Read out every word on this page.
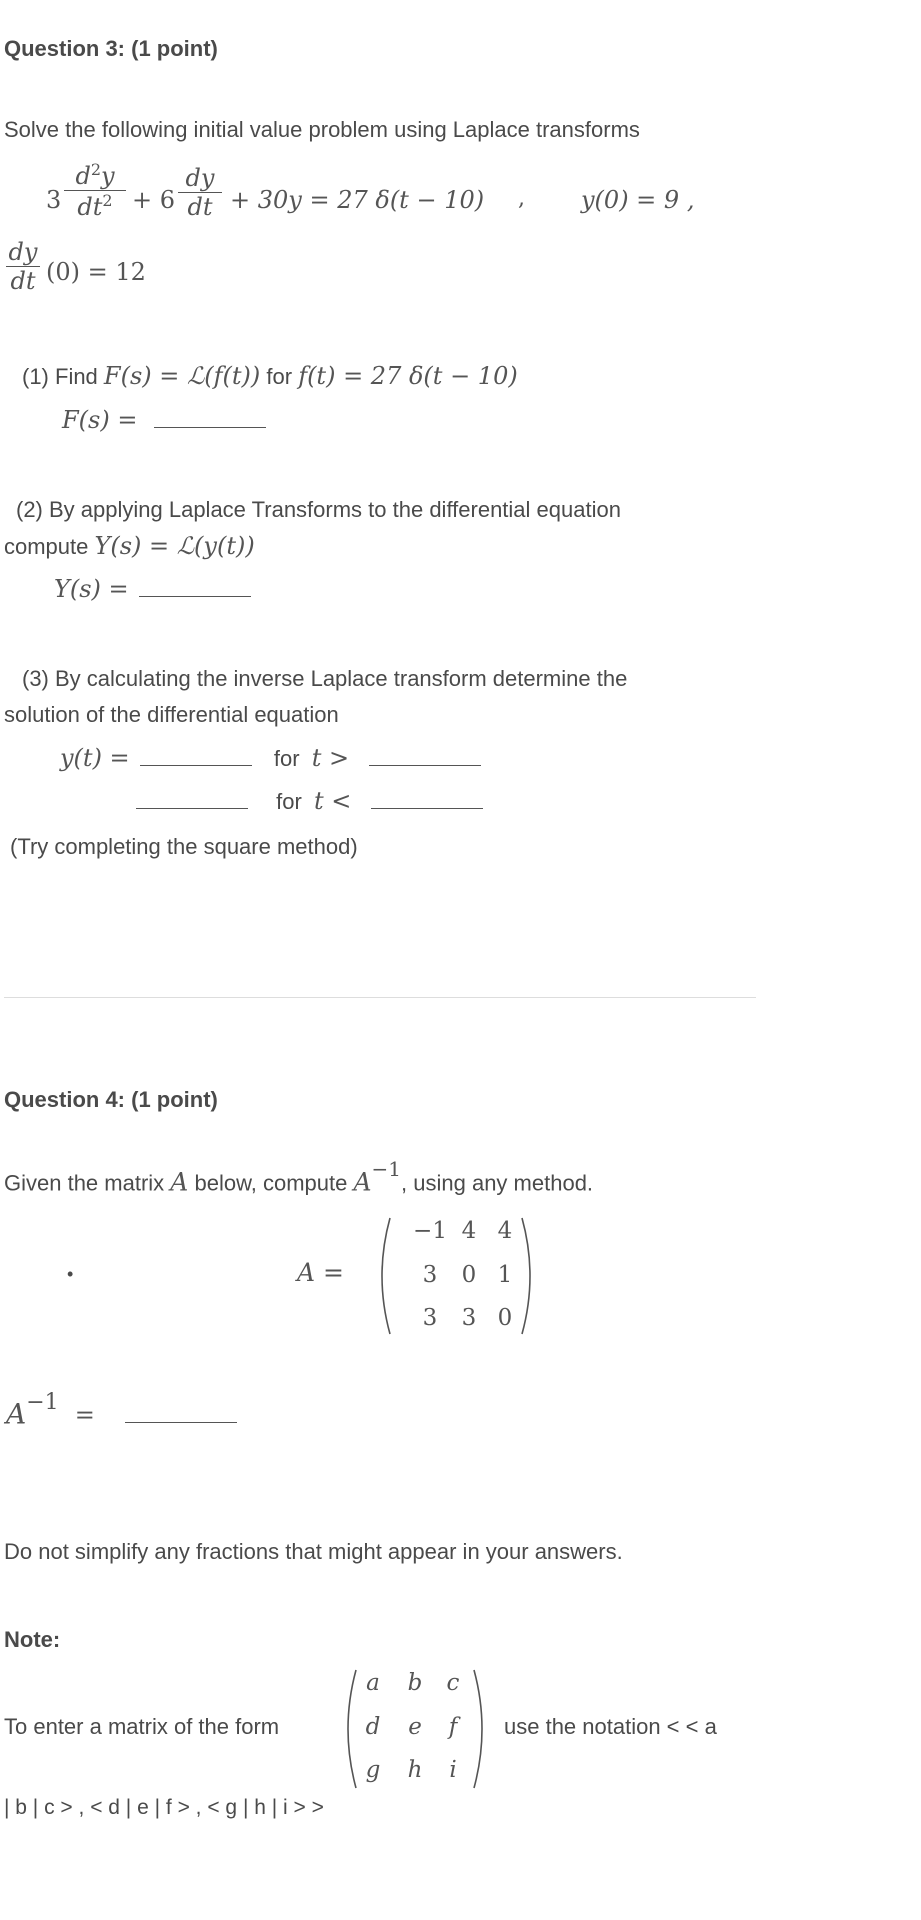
Question 3: (1 point)
Solve the following initial value problem using Laplace transforms
3
$d^2y$
$dt^2 + 6 \frac{dy}{dt} + 30y = 27$ δ(t − 10) , y(0) = 9 ,
$\frac{dy}{dt} (0) = 12$
(1) Find F(s) = ℒ(f(t)) for f(t) = 27 δ(t − 10)
F(s) =
(2) By applying Laplace Transforms to the differential equation
compute Y(s) = ℒ(y(t))
Y(s) =
(3) By calculating the inverse Laplace transform determine the
solution of the differential equation
y(t) =	for t >
for t <
(Try completing the square method)
Question 4: (1 point)
Given the matrix A below, compute $A^{-1}$, using any method.
•	A =
−1 4 4
3	0 1
3	3 0
$A^{-1}$ =
Do not simplify any fractions that might appear in your answers.
Note:
To enter a matrix of the form
a	b	c
d	e	f
g	h	i
use the notation < < a
| b | c > , < d | e | f > , < g | h | i > >
